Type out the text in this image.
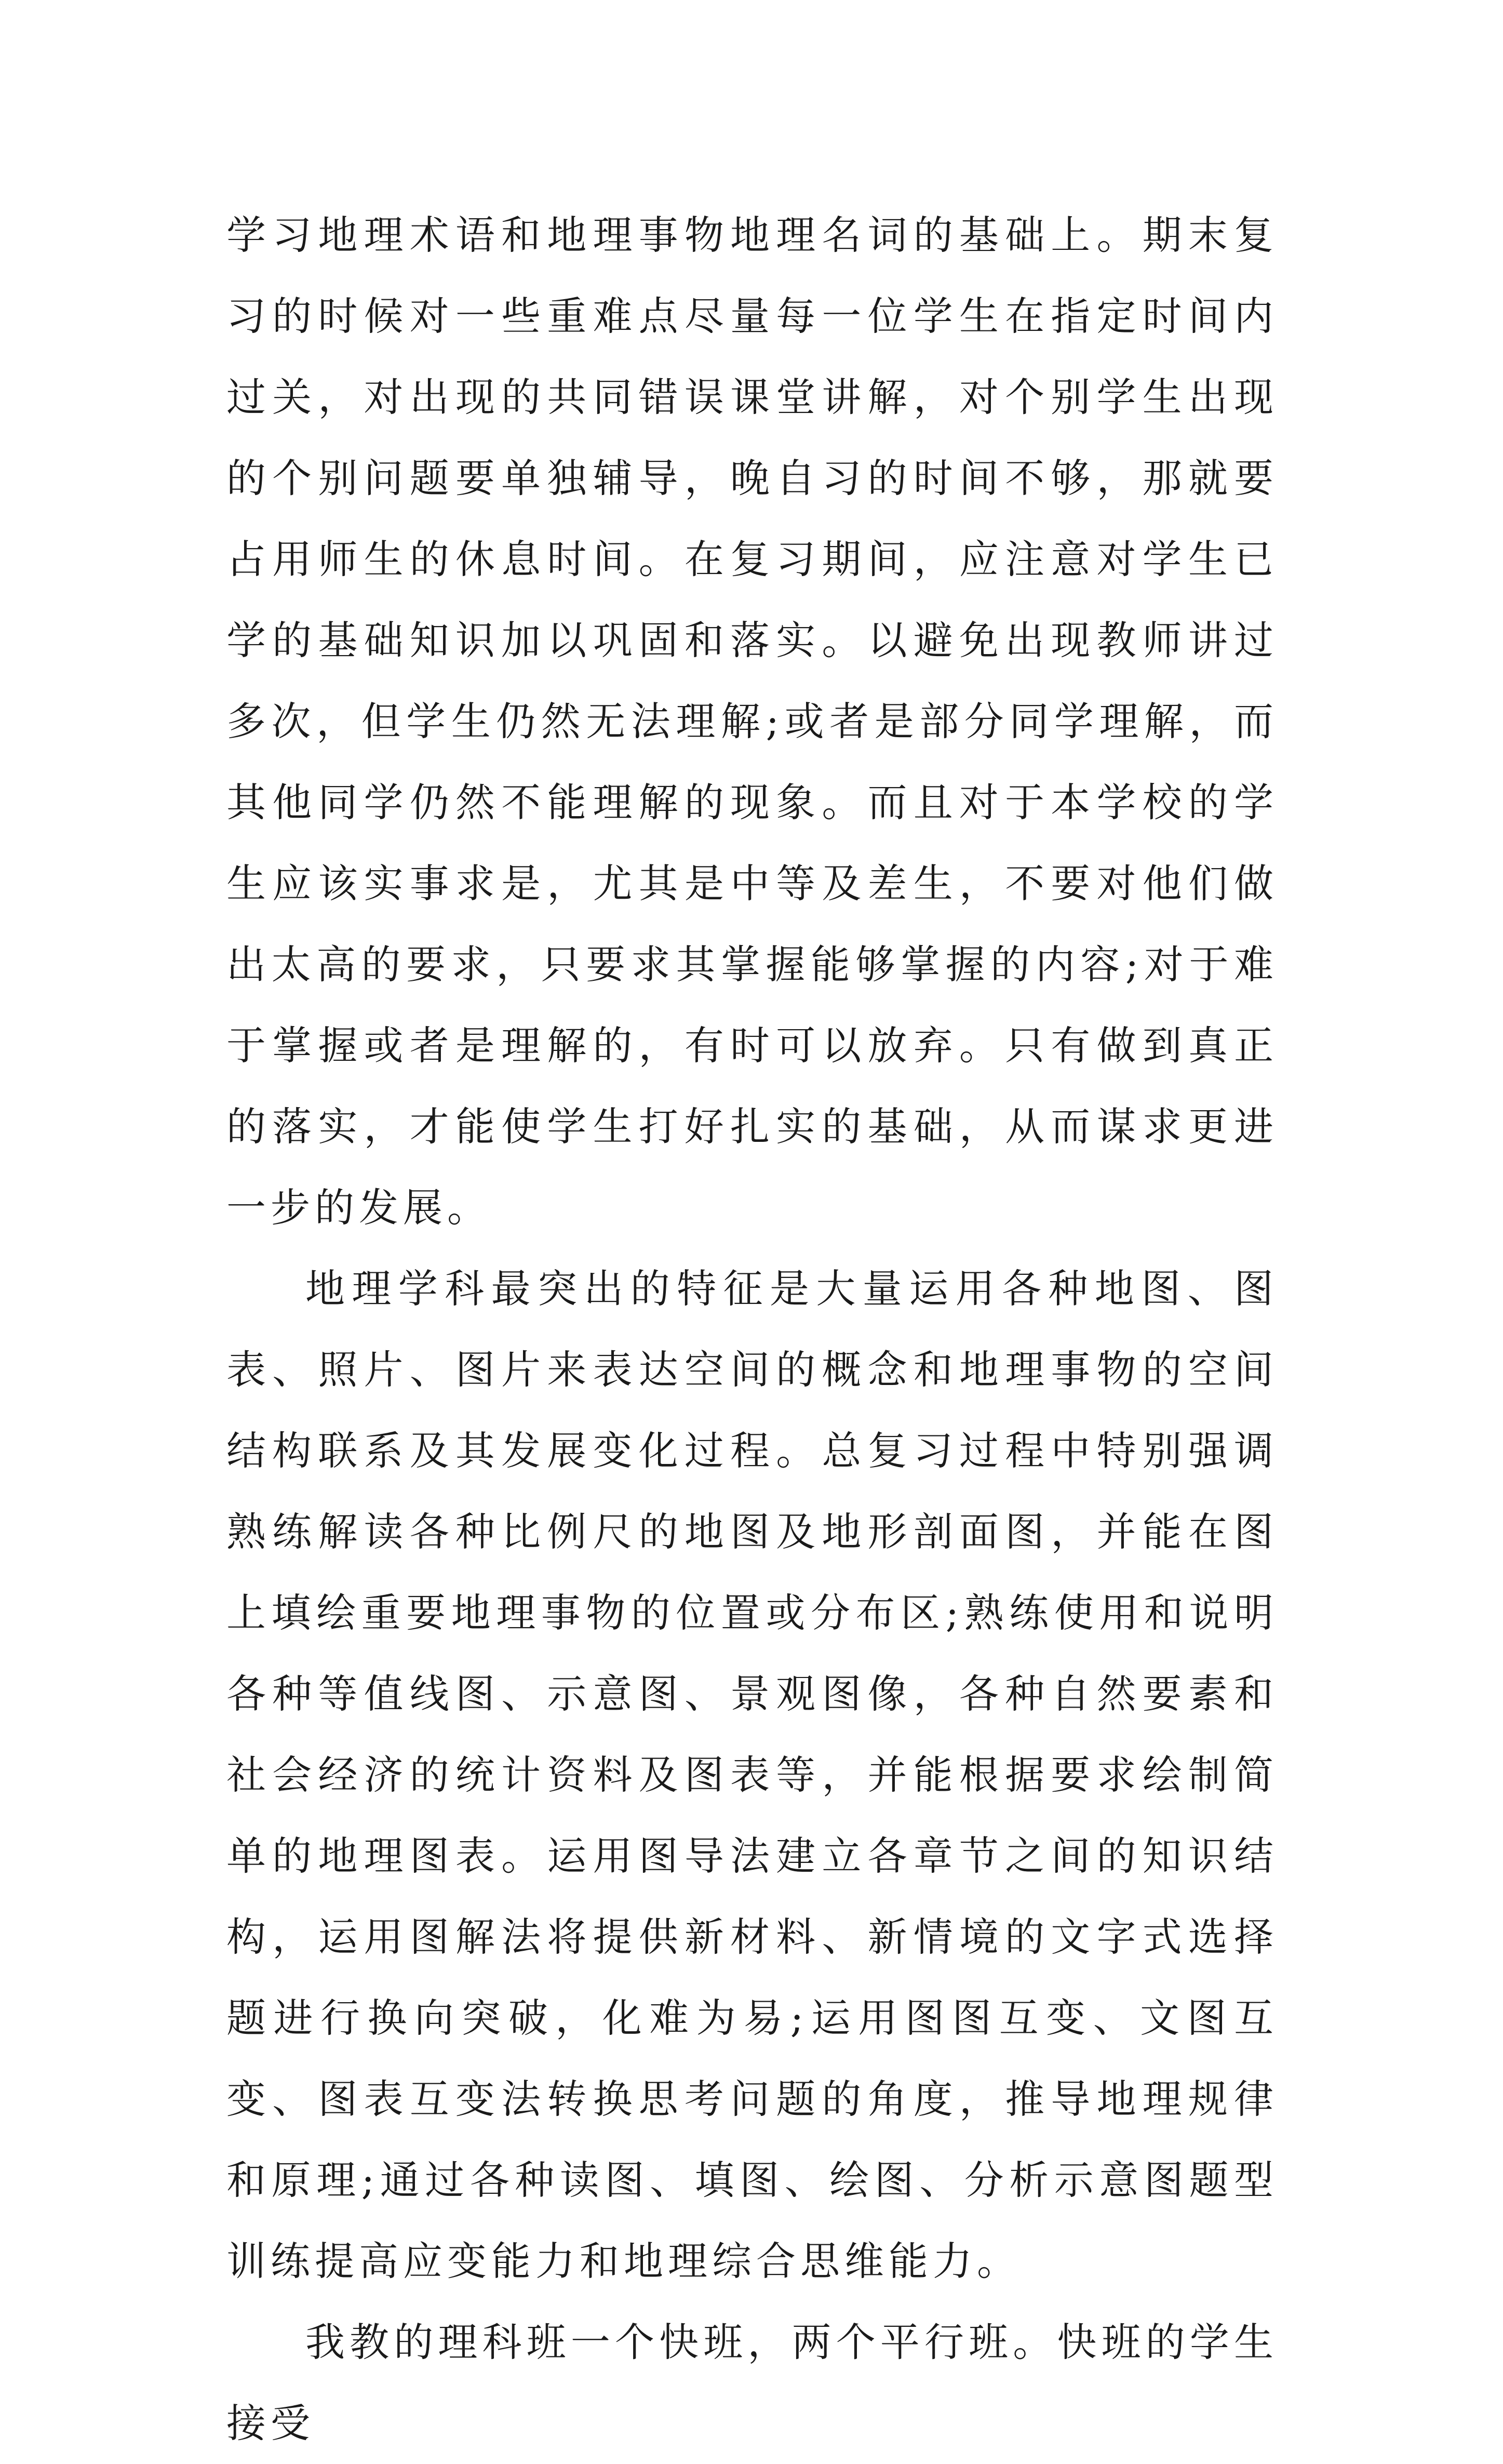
学习地理术语和地理事物地理名词的基础上。期末复习的时候对一些重难点尽量每一位学生在指定时间内过关，对出现的共同错误课堂讲解，对个别学生出现的个别问题要单独辅导，晚自习的时间不够，那就要占用师生的休息时间。在复习期间，应注意对学生已学的基础知识加以巩固和落实。以避免出现教师讲过多次，但学生仍然无法理解;或者是部分同学理解，而其他同学仍然不能理解的现象。而且对于本学校的学生应该实事求是，尤其是中等及差生，不要对他们做出太高的要求，只要求其掌握能够掌握的内容;对于难于掌握或者是理解的，有时可以放弃。只有做到真正的落实，才能使学生打好扎实的基础，从而谋求更进一步的发展。

地理学科最突出的特征是大量运用各种地图、图表、照片、图片来表达空间的概念和地理事物的空间结构联系及其发展变化过程。总复习过程中特别强调熟练解读各种比例尺的地图及地形剖面图，并能在图上填绘重要地理事物的位置或分布区;熟练使用和说明各种等值线图、示意图、景观图像，各种自然要素和社会经济的统计资料及图表等，并能根据要求绘制简单的地理图表。运用图导法建立各章节之间的知识结构，运用图解法将提供新材料、新情境的文字式选择题进行换向突破，化难为易;运用图图互变、文图互变、图表互变法转换思考问题的角度，推导地理规律和原理;通过各种读图、填图、绘图、分析示意图题型训练提高应变能力和地理综合思维能力。

我教的理科班一个快班，两个平行班。快班的学生接受
